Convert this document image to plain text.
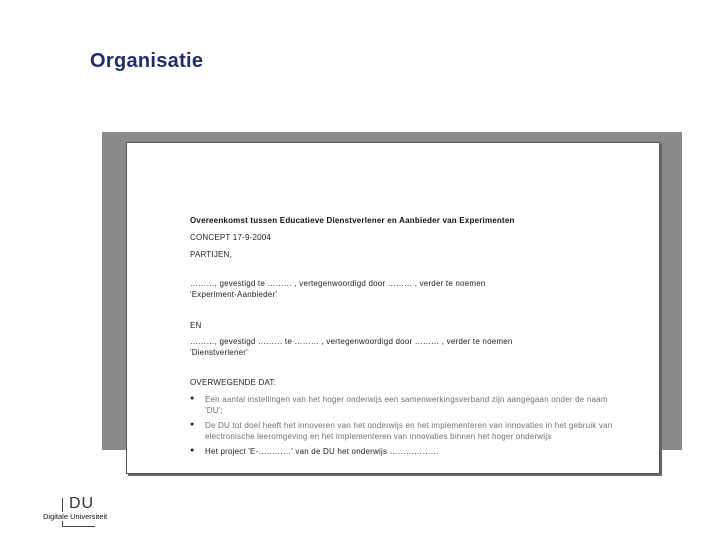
Organisatie
Overeenkomst tussen Educatieve Dienstverlener en Aanbieder van Experimenten
CONCEPT 17-9-2004
PARTIJEN,
………, gevestigd te ……… , vertegenwoordigd door ……… , verder te noemen
'Experiment-Aanbieder'
EN
………, gevestigd ……… te ……… , vertegenwoordigd door ……… , verder te noemen
'Dienstverlener'
OVERWEGENDE DAT:
● Een aantal instellingen van het hoger onderwijs een samenwerkingsverband zijn aangegaan onder de naam
'DU';
● De DU tot doel heeft het innoveren van het onderwijs en het implementeren van innovaties in het gebruik van
electronische leeromgeving en het implementeren van innovaties binnen het hoger onderwijs
● Het project 'E-…………' van de DU het onderwijs ………………
DU
Digitale Universiteit
